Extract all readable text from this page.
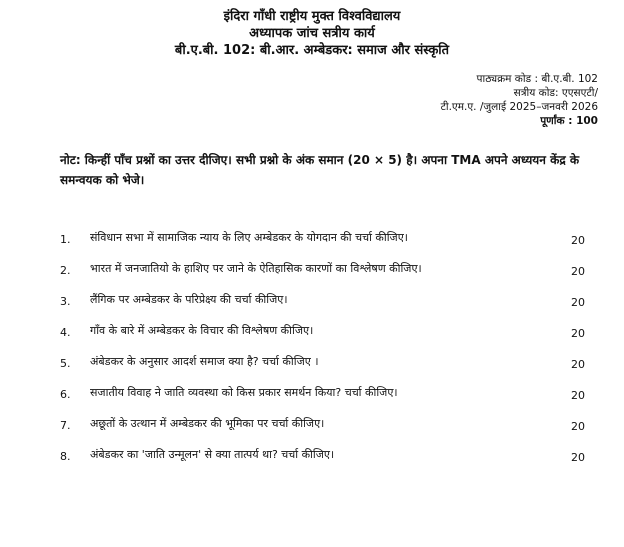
इंदिरा गाँधी राष्ट्रीय मुक्त विश्वविद्यालय
अध्यापक जांच सत्रीय कार्य
बी.ए.बी. 102: बी.आर. अम्बेडकर: समाज और संस्कृति
पाठ्यक्रम कोड : बी.ए.बी. 102
सत्रीय कोड: एएसएटी/
टी.एम.ए. /जुलाई 2025–जनवरी 2026
पूर्णांक : 100
नोट: किन्हीं पाँच प्रश्नों का उत्तर दीजिए। सभी प्रश्नो के अंक समान (20 × 5) है। अपना TMA अपने अध्ययन केंद्र के समन्वयक को भेजे।
1.	संविधान सभा में सामाजिक न्याय के लिए अम्बेडकर के योगदान की चर्चा कीजिए।	20
2.	भारत में जनजातियो के हाशिए पर जाने के ऐतिहासिक कारणों का विश्लेषण कीजिए।	20
3.	लैंगिक पर अम्बेडकर के परिप्रेक्ष्य की चर्चा कीजिए।	20
4.	गाँव के बारे में अम्बेडकर के विचार की विश्लेषण कीजिए।	20
5.	अंबेडकर के अनुसार आदर्श समाज क्या है? चर्चा कीजिए ।	20
6.	सजातीय विवाह ने जाति व्यवस्था को किस प्रकार समर्थन किया? चर्चा कीजिए।	20
7.	अछूतों के उत्थान में अम्बेडकर की भूमिका पर चर्चा कीजिए।	20
8.	अंबेडकर का 'जाति उन्मूलन' से क्या तात्पर्य था? चर्चा कीजिए।	20
